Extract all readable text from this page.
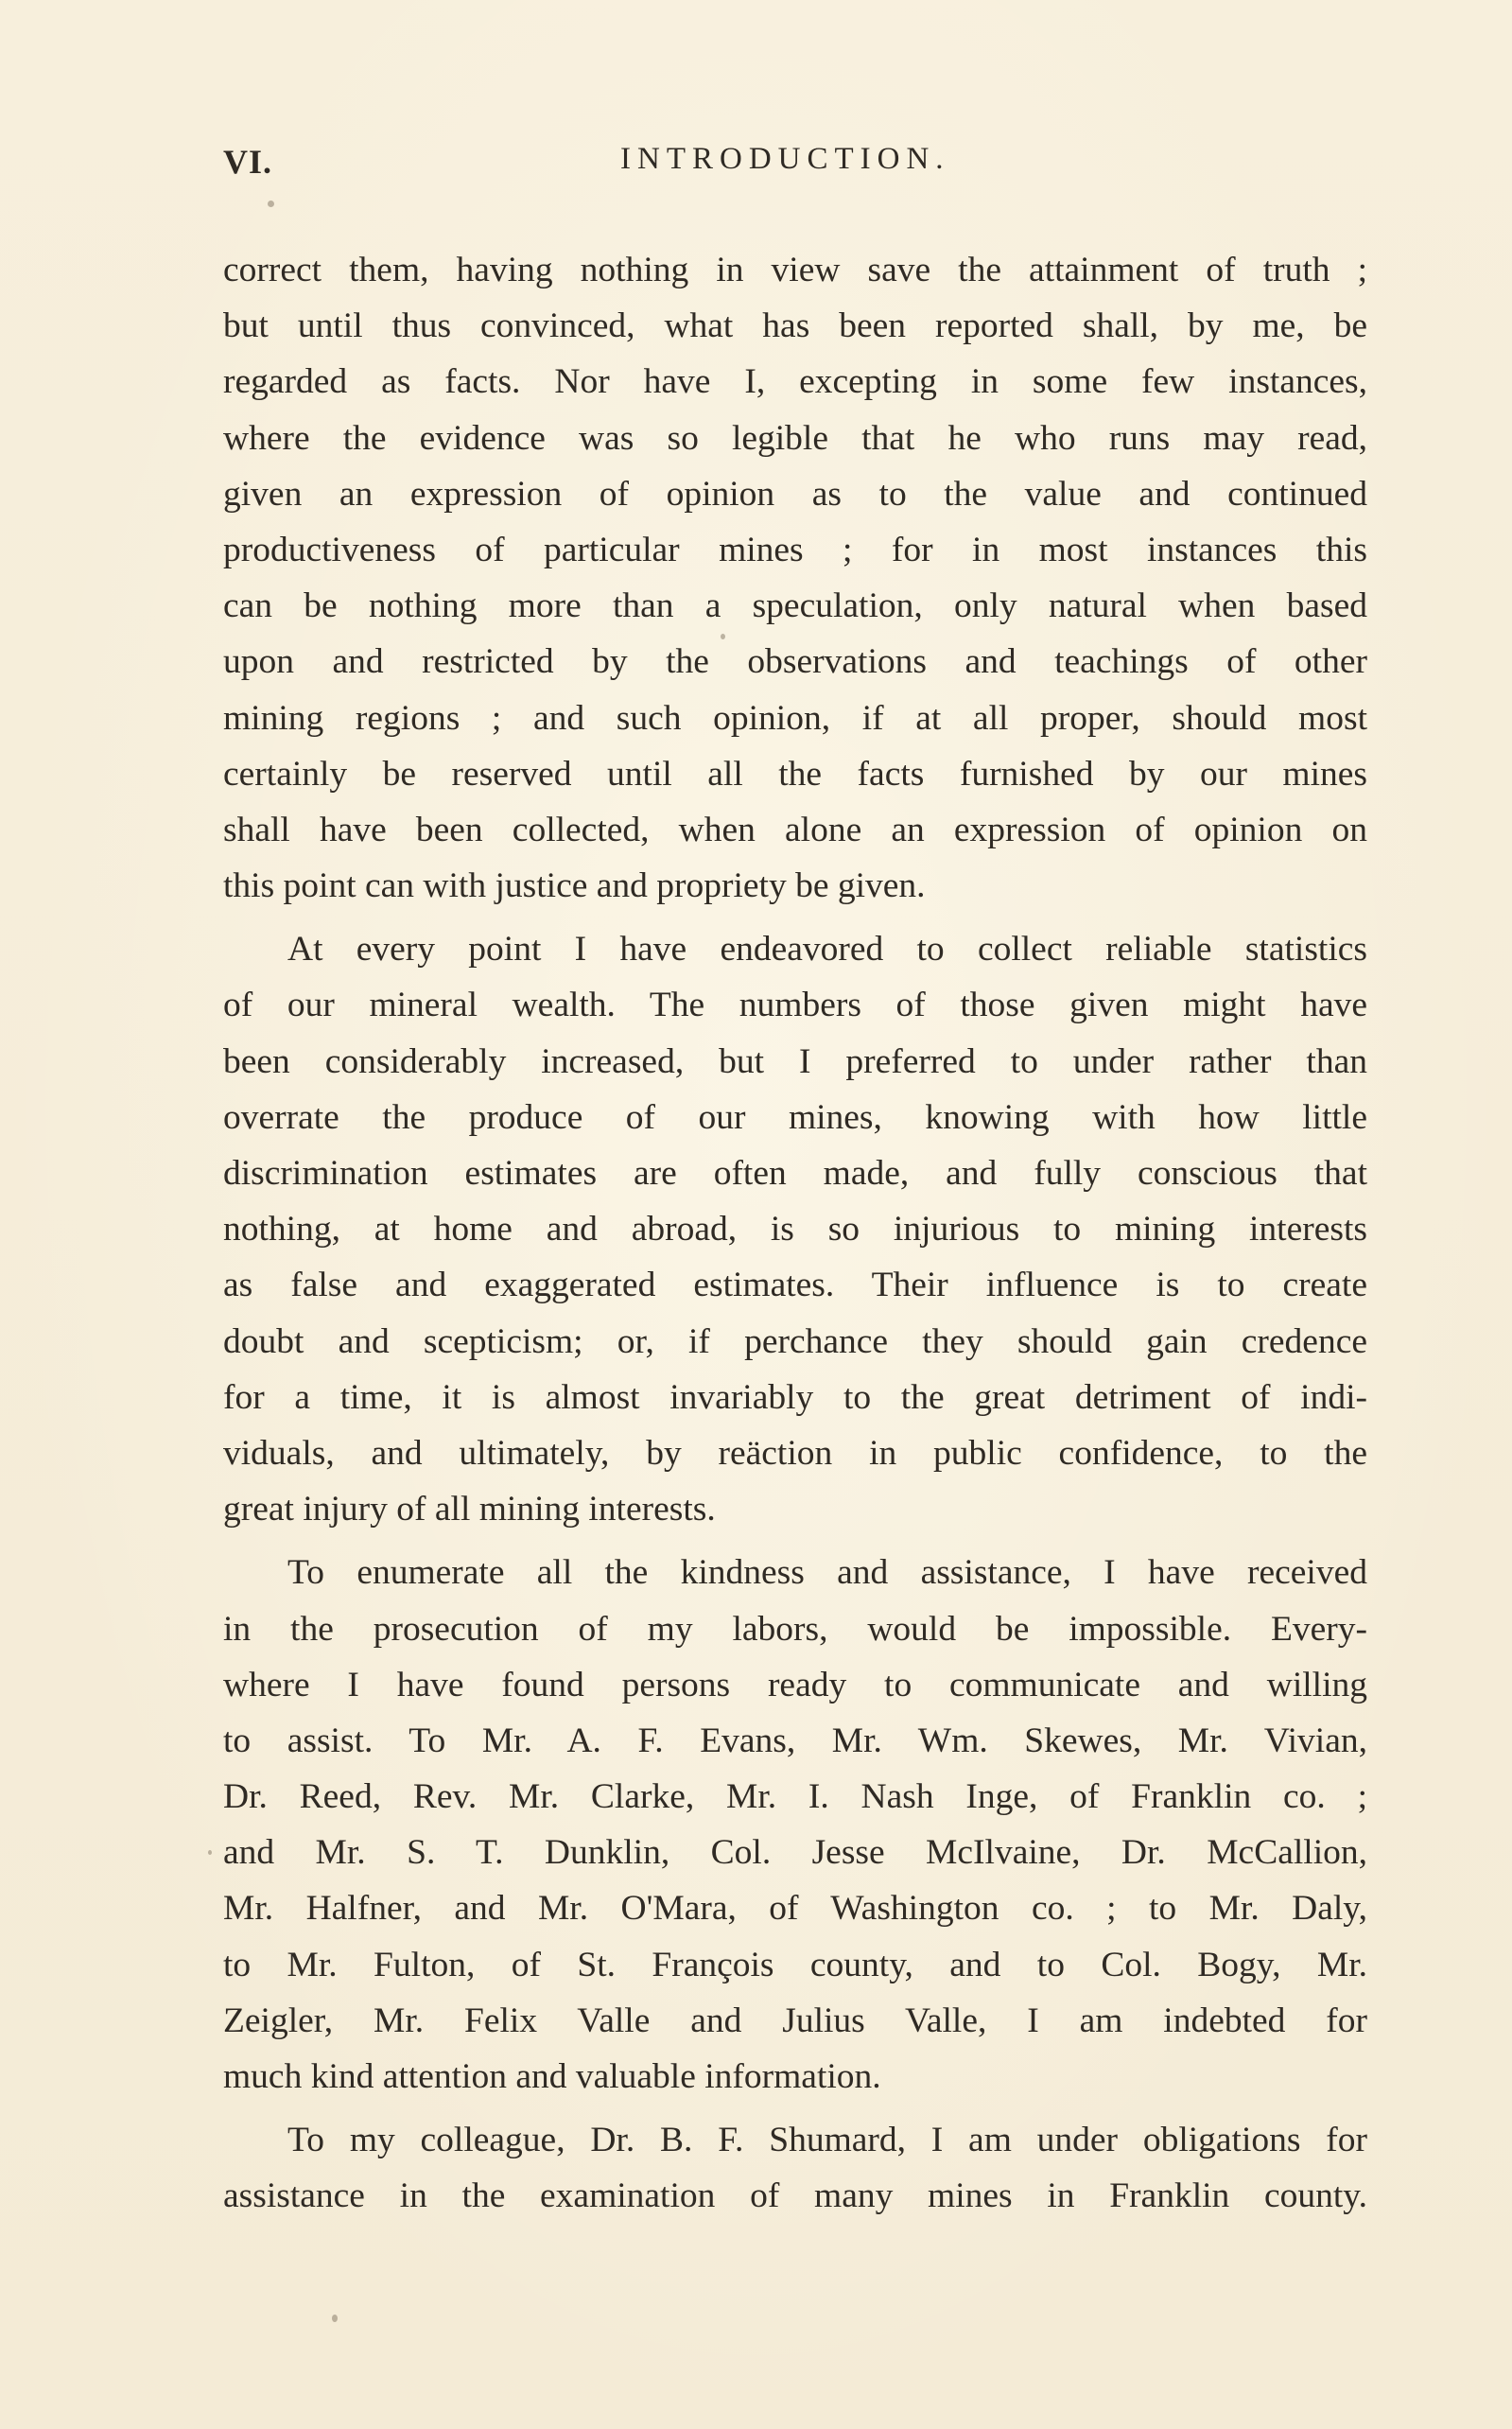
VI.	INTRODUCTION.
correct them, having nothing in view save the attainment of truth ;
but until thus convinced, what has been reported shall, by me, be
regarded as facts. Nor have I, excepting in some few instances,
where the evidence was so legible that he who runs may read,
given an expression of opinion as to the value and continued
productiveness of particular mines ; for in most instances this
can be nothing more than a speculation, only natural when based
upon and restricted by the observations and teachings of other
mining regions ; and such opinion, if at all proper, should most
certainly be reserved until all the facts furnished by our mines
shall have been collected, when alone an expression of opinion on
this point can with justice and propriety be given.
At every point I have endeavored to collect reliable statistics
of our mineral wealth. The numbers of those given might have
been considerably increased, but I preferred to under rather than
overrate the produce of our mines, knowing with how little
discrimination estimates are often made, and fully conscious that
nothing, at home and abroad, is so injurious to mining interests
as false and exaggerated estimates. Their influence is to create
doubt and scepticism; or, if perchance they should gain credence
for a time, it is almost invariably to the great detriment of indi-
viduals, and ultimately, by reäction in public confidence, to the
great injury of all mining interests.
To enumerate all the kindness and assistance, I have received
in the prosecution of my labors, would be impossible. Every-
where I have found persons ready to communicate and willing
to assist. To Mr. A. F. Evans, Mr. Wm. Skewes, Mr. Vivian,
Dr. Reed, Rev. Mr. Clarke, Mr. I. Nash Inge, of Franklin co. ;
and Mr. S. T. Dunklin, Col. Jesse McIlvaine, Dr. McCallion,
Mr. Halfner, and Mr. O'Mara, of Washington co. ; to Mr. Daly,
to Mr. Fulton, of St. François county, and to Col. Bogy, Mr.
Zeigler, Mr. Felix Valle and Julius Valle, I am indebted for
much kind attention and valuable information.
To my colleague, Dr. B. F. Shumard, I am under obligations for
assistance in the examination of many mines in Franklin county.
